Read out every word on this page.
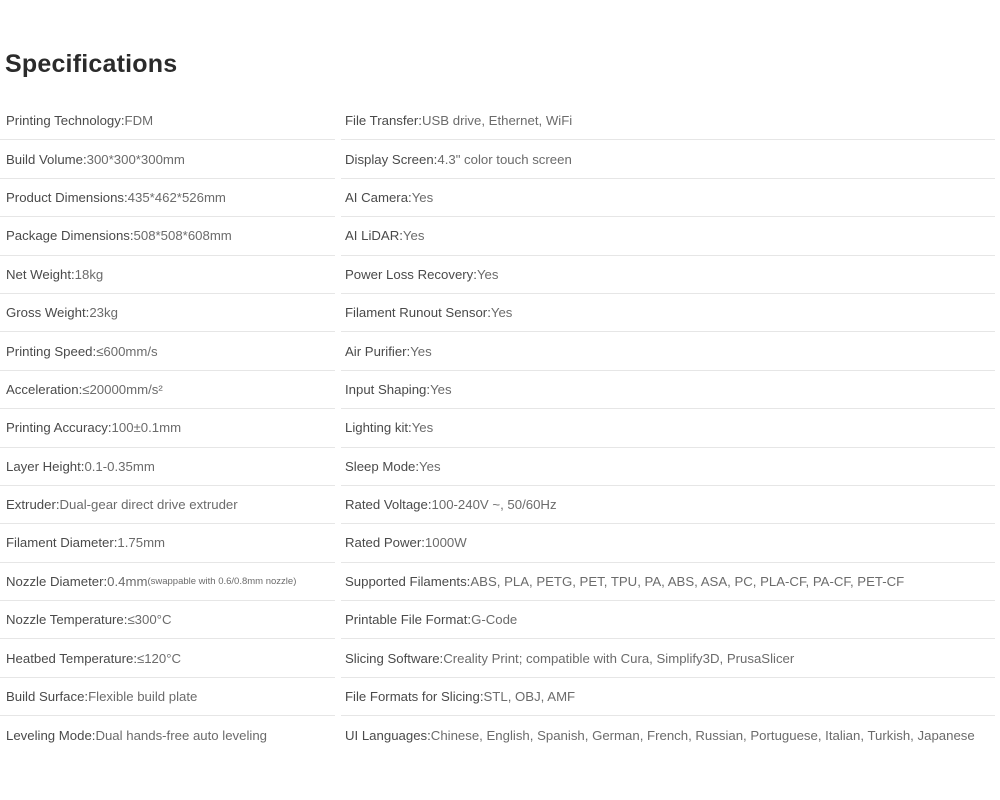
Specifications
Printing Technology: FDM	File Transfer: USB drive, Ethernet, WiFi
Build Volume: 300*300*300mm	Display Screen: 4.3" color touch screen
Product Dimensions: 435*462*526mm	AI Camera: Yes
Package Dimensions: 508*508*608mm	AI LiDAR: Yes
Net Weight: 18kg	Power Loss Recovery: Yes
Gross Weight: 23kg	Filament Runout Sensor: Yes
Printing Speed: ≤600mm/s	Air Purifier: Yes
Acceleration: ≤20000mm/s²	Input Shaping: Yes
Printing Accuracy: 100±0.1mm	Lighting kit: Yes
Layer Height: 0.1-0.35mm	Sleep Mode: Yes
Extruder: Dual-gear direct drive extruder	Rated Voltage: 100-240V ~, 50/60Hz
Filament Diameter: 1.75mm	Rated Power: 1000W
Nozzle Diameter: 0.4mm (swappable with 0.6/0.8mm nozzle)	Supported Filaments: ABS, PLA, PETG, PET, TPU, PA, ABS, ASA, PC, PLA-CF, PA-CF, PET-CF
Nozzle Temperature: ≤300°C	Printable File Format: G-Code
Heatbed Temperature: ≤120°C	Slicing Software: Creality Print; compatible with Cura, Simplify3D, PrusaSlicer
Build Surface: Flexible build plate	File Formats for Slicing: STL, OBJ, AMF
Leveling Mode: Dual hands-free auto leveling	UI Languages: Chinese, English, Spanish, German, French, Russian, Portuguese, Italian, Turkish, Japanese
